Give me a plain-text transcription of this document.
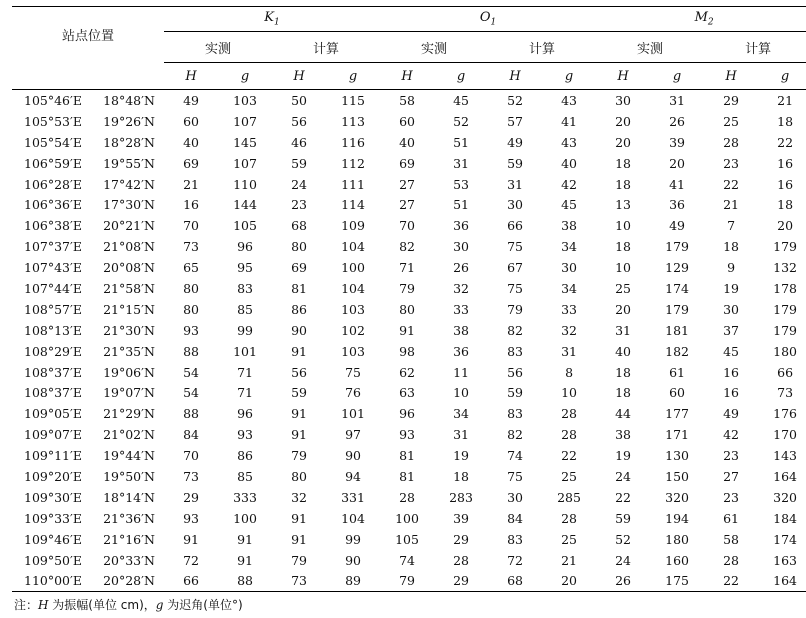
站点位置		$K_1$				$O_1$				$M_2$
		实测		计算		实测		计算		实测		计算	
		H	g	H	g	H	g	H	g	H	g	H	g
105°46′E	18°48′N	49	103	50	115	58	45	52	43	30	31	29	21
105°53′E	19°26′N	60	107	56	113	60	52	57	41	20	26	25	18
105°54′E	18°28′N	40	145	46	116	40	51	49	43	20	39	28	22
106°59′E	19°55′N	69	107	59	112	69	31	59	40	18	20	23	16
106°28′E	17°42′N	21	110	24	111	27	53	31	42	18	41	22	16
106°36′E	17°30′N	16	144	23	114	27	51	30	45	13	36	21	18
106°38′E	20°21′N	70	105	68	109	70	36	66	38	10	49	7	20
107°37′E	21°08′N	73	96	80	104	82	30	75	34	18	179	18	179
107°43′E	20°08′N	65	95	69	100	71	26	67	30	10	129	9	132
107°44′E	21°58′N	80	83	81	104	79	32	75	34	25	174	19	178
108°57′E	21°15′N	80	85	86	103	80	33	79	33	20	179	30	179
108°13′E	21°30′N	93	99	90	102	91	38	82	32	31	181	37	179
108°29′E	21°35′N	88	101	91	103	98	36	83	31	40	182	45	180
108°37′E	19°06′N	54	71	56	75	62	11	56	8	18	61	16	66
108°37′E	19°07′N	54	71	59	76	63	10	59	10	18	60	16	73
109°05′E	21°29′N	88	96	91	101	96	34	83	28	44	177	49	176
109°07′E	21°02′N	84	93	91	97	93	31	82	28	38	171	42	170
109°11′E	19°44′N	70	86	79	90	81	19	74	22	19	130	23	143
109°20′E	19°50′N	73	85	80	94	81	18	75	25	24	150	27	164
109°30′E	18°14′N	29	333	32	331	28	283	30	285	22	320	23	320
109°33′E	21°36′N	93	100	91	104	100	39	84	28	59	194	61	184
109°46′E	21°16′N	91	91	91	99	105	29	83	25	52	180	58	174
109°50′E	20°33′N	72	91	79	90	74	28	72	21	24	160	28	163
110°00′E	20°28′N	66	88	73	89	79	29	68	20	26	175	22	164
注：H 为振幅(单位 cm)，g 为迟角(单位°)
